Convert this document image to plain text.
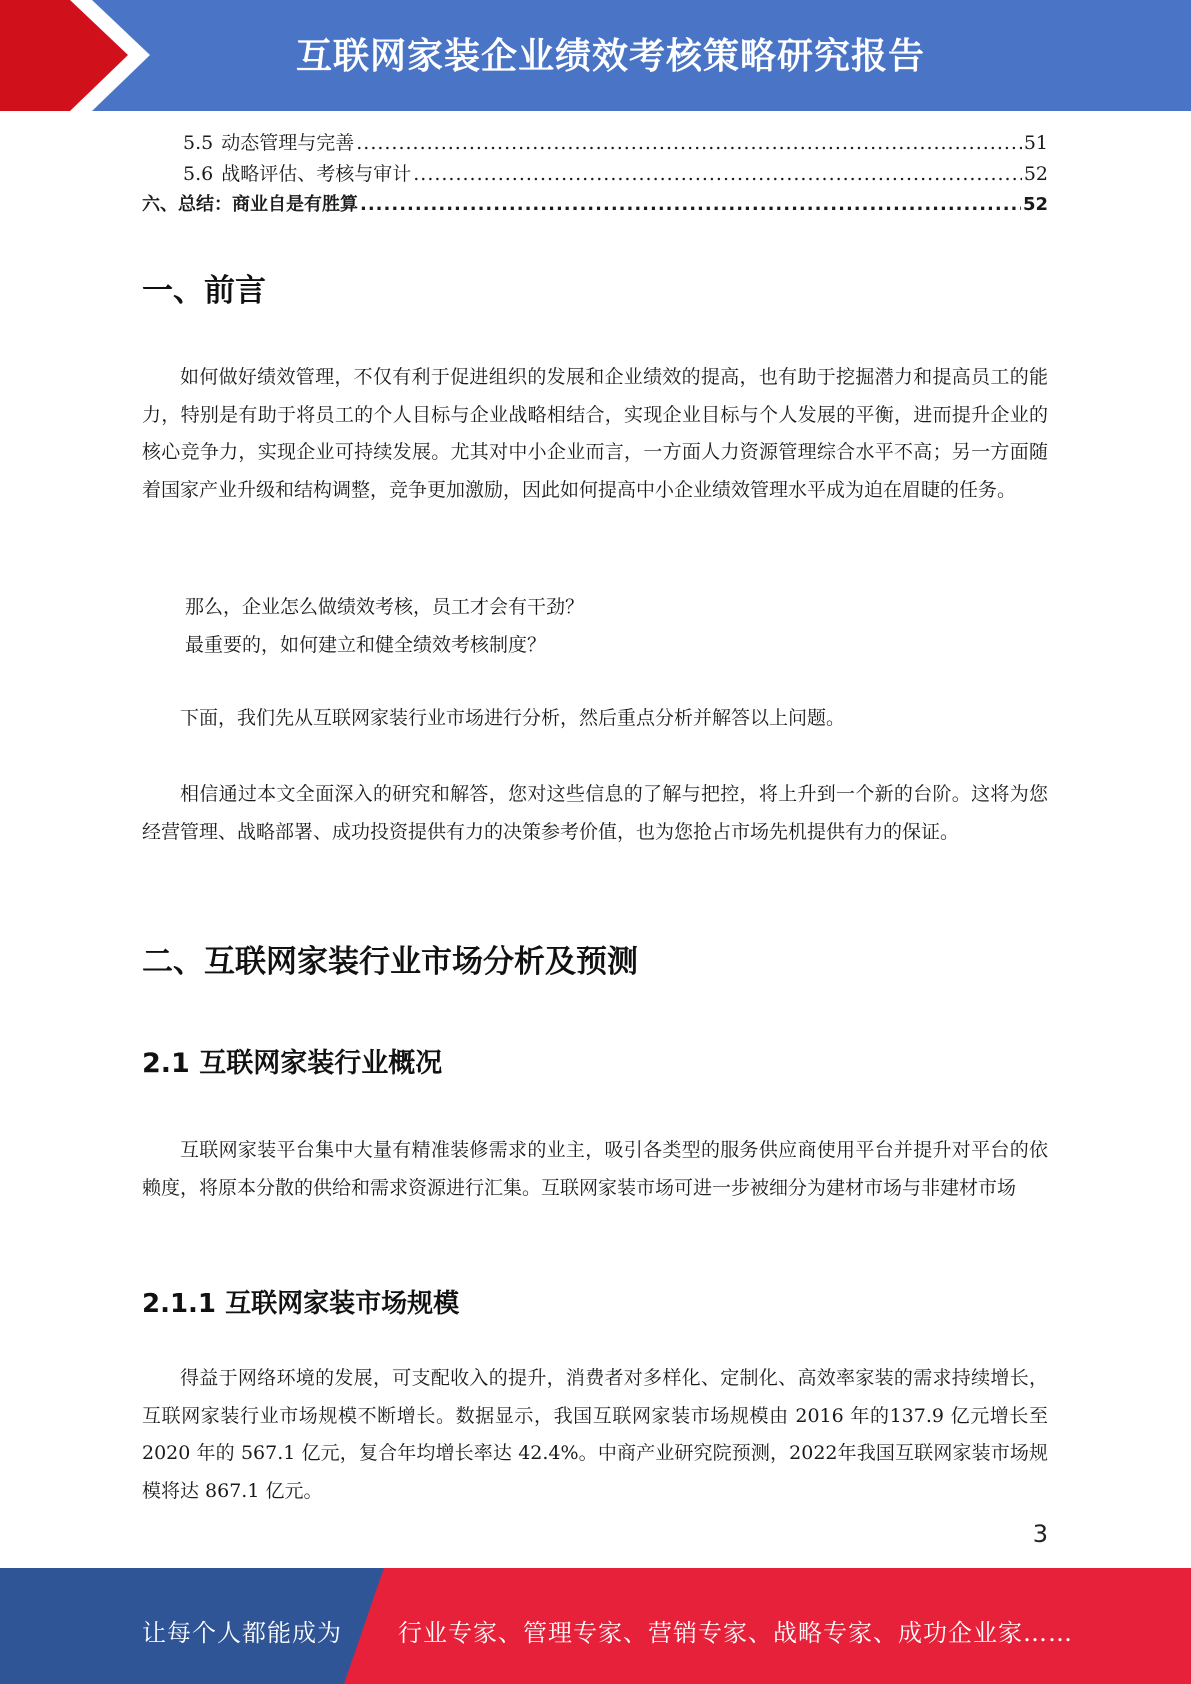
互联网家装企业绩效考核策略研究报告
5.5 动态管理与完善 .....	51
5.6 战略评估、考核与审计 .....	52
六、总结：商业自是有胜算 .....	52
一、前言

如何做好绩效管理，不仅有利于促进组织的发展和企业绩效的提高，也有助于挖掘潜力和提高员工的能力，特别是有助于将员工的个人目标与企业战略相结合，实现企业目标与个人发展的平衡，进而提升企业的核心竞争力，实现企业可持续发展。尤其对中小企业而言，一方面人力资源管理综合水平不高；另一方面随着国家产业升级和结构调整，竞争更加激励，因此如何提高中小企业绩效管理水平成为迫在眉睫的任务。

那么，企业怎么做绩效考核，员工才会有干劲？

最重要的，如何建立和健全绩效考核制度？

下面，我们先从互联网家装行业市场进行分析，然后重点分析并解答以上问题。

相信通过本文全面深入的研究和解答，您对这些信息的了解与把控，将上升到一个新的台阶。这将为您经营管理、战略部署、成功投资提供有力的决策参考价值，也为您抢占市场先机提供有力的保证。

二、互联网家装行业市场分析及预测
2.1 互联网家装行业概况

互联网家装平台集中大量有精准装修需求的业主，吸引各类型的服务供应商使用平台并提升对平台的依赖度，将原本分散的供给和需求资源进行汇集。互联网家装市场可进一步被细分为建材市场与非建材市场

2.1.1 互联网家装市场规模

得益于网络环境的发展，可支配收入的提升，消费者对多样化、定制化、高效率家装的需求持续增长，互联网家装行业市场规模不断增长。数据显示，我国互联网家装市场规模由 2016 年的137.9 亿元增长至 2020 年的 567.1 亿元，复合年均增长率达 42.4%。中商产业研究院预测，2022年我国互联网家装市场规模将达 867.1 亿元。

3
让每个人都能成为 行业专家、管理专家、营销专家、战略专家、成功企业家……
